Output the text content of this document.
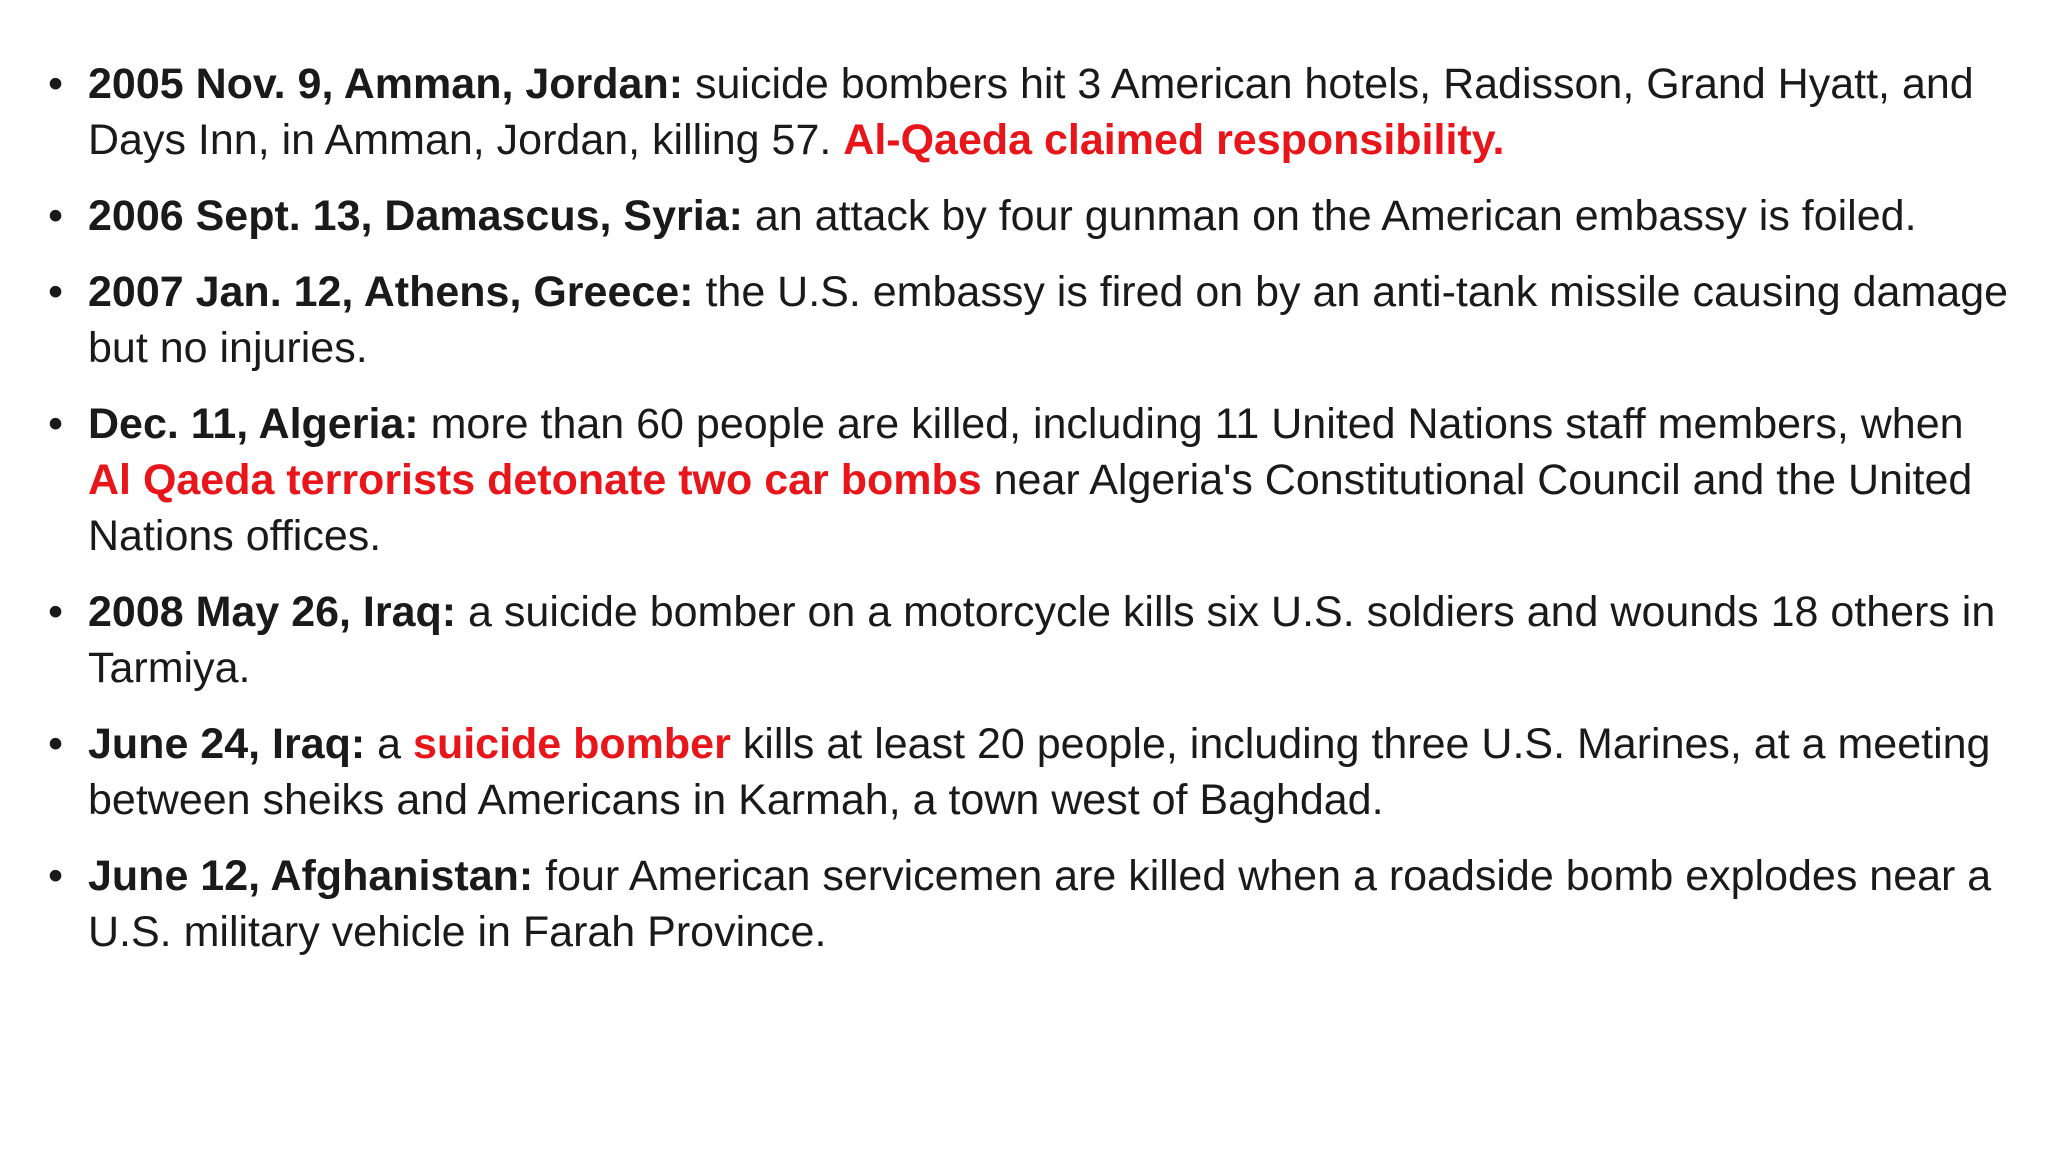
• 2005 Nov. 9, Amman, Jordan: suicide bombers hit 3 American hotels, Radisson, Grand Hyatt, and Days Inn, in Amman, Jordan, killing 57. Al-Qaeda claimed responsibility.
• 2006 Sept. 13, Damascus, Syria: an attack by four gunman on the American embassy is foiled.
• 2007 Jan. 12, Athens, Greece: the U.S. embassy is fired on by an anti-tank missile causing damage but no injuries.
• Dec. 11, Algeria: more than 60 people are killed, including 11 United Nations staff members, when Al Qaeda terrorists detonate two car bombs near Algeria's Constitutional Council and the United Nations offices.
• 2008 May 26, Iraq: a suicide bomber on a motorcycle kills six U.S. soldiers and wounds 18 others in Tarmiya.
• June 24, Iraq: a suicide bomber kills at least 20 people, including three U.S. Marines, at a meeting between sheiks and Americans in Karmah, a town west of Baghdad.
• June 12, Afghanistan: four American servicemen are killed when a roadside bomb explodes near a U.S. military vehicle in Farah Province.
